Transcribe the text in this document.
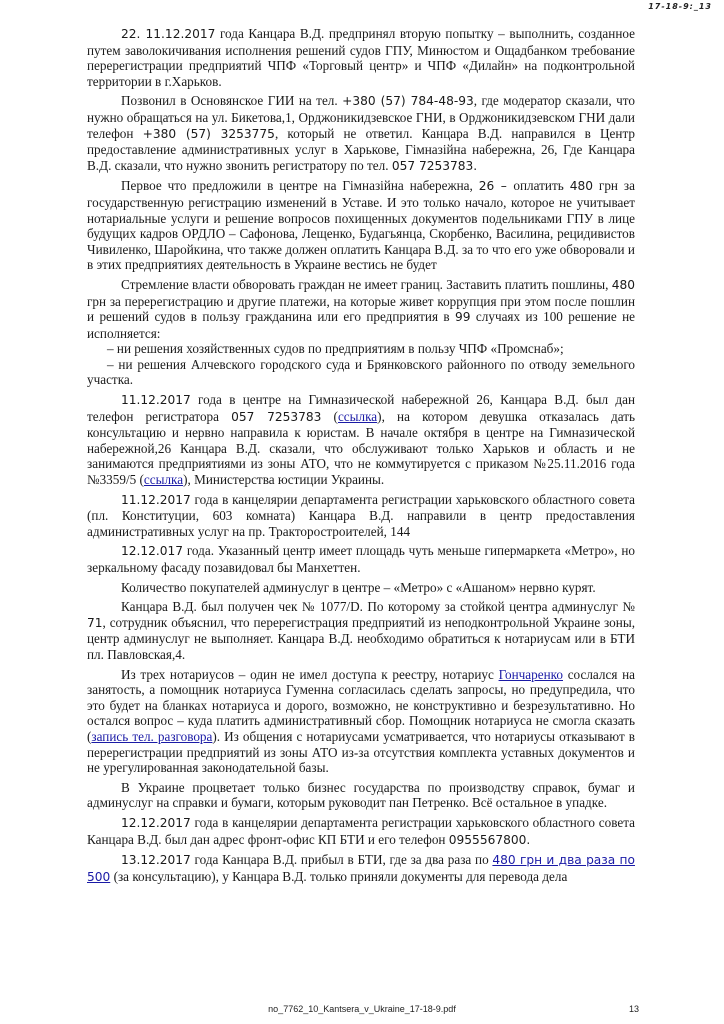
17-18-9:_13

22. 11.12.2017 года Канцара В.Д. предпринял вторую попытку – выполнить, созданное путем заволокичивания исполнения решений судов ГПУ, Минюстом и Ощадбанком требование перерегистрации предприятий ЧПФ «Торговый центр» и ЧПФ «Дилайн» на подконтрольной территории в г.Харьков.

Позвонил в Основянское ГИИ на тел. +380 (57) 784-48-93, где модератор сказали, что нужно обращаться на ул. Бикетова,1, Орджоникидзевское ГНИ, в Орджоникидзевском ГНИ дали телефон +380 (57) 3253775, который не ответил. Канцара В.Д. направился в Центр предоставление административных услуг в Харькове, Гімназійна набережна, 26, Где Канцара В.Д. сказали, что нужно звонить регистратору по тел. 057 7253783.

Первое что предложили в центре на Гімназійна набережна, 26 – оплатить 480 грн за государственную регистрацию изменений в Уставе. И это только начало, которое не учитывает нотариальные услуги и решение вопросов похищенных документов подельниками ГПУ в лице будущих кадров ОРДЛО – Сафонова, Лещенко, Будагьянца, Скорбенко, Василина, рецидивистов Чивиленко, Шаройкина, что также должен оплатить Канцара В.Д. за то что его уже обворовали и в этих предприятиях деятельность в Украине вестись не будет

Стремление власти обворовать граждан не имеет границ. Заставить платить пошлины, 480 грн за перерегистрацию и другие платежи, на которые живет коррупция при этом после пошлин и решений судов в пользу гражданина или его предприятия в 99 случаях из 100 решение не исполняется:

– ни решения хозяйственных судов по предприятиям в пользу ЧПФ «Промснаб»;

– ни решения Алчевского городского суда и Брянковского районного по отводу земельного участка.

11.12.2017 года в центре на Гимназической набережной 26, Канцара В.Д. был дан телефон регистратора 057 7253783 (ссылка), на котором девушка отказалась дать консультацию и нервно направила к юристам. В начале октября в центре на Гимназической набережной,26 Канцара В.Д. сказали, что обслуживают только Харьков и область и не занимаются предприятиями из зоны АТО, что не коммутируется с приказом №25.11.2016 года №3359/5 (ссылка), Министерства юстиции Украины.

11.12.2017 года в канцелярии департамента регистрации харьковского областного совета (пл. Конституции, 603 комната) Канцара В.Д. направили в центр предоставления административных услуг на пр. Тракторостроителей, 144

12.12.017 года. Указанный центр имеет площадь чуть меньше гипермаркета «Метро», но зеркальному фасаду позавидовал бы Манхеттен.

Количество покупателей админуслуг в центре – «Метро» с «Ашаном» нервно курят.

Канцара В.Д. был получен чек № 1077/D. По которому за стойкой центра админуслуг № 71, сотрудник объяснил, что перерегистрация предприятий из неподконтрольной Украине зоны, центр админуслуг не выполняет. Канцара В.Д. необходимо обратиться к нотариусам или в БТИ пл. Павловская,4.

Из трех нотариусов – один не имел доступа к реестру, нотариус Гончаренко сослался на занятость, а помощник нотариуса Гуменна согласилась сделать запросы, но предупредила, что это будет на бланках нотариуса и дорого, возможно, не конструктивно и безрезультативно. Но остался вопрос – куда платить административный сбор. Помощник нотариуса не смогла сказать (запись тел. разговора). Из общения с нотариусами усматривается, что нотариусы отказывают в перерегистрации предприятий из зоны АТО из-за отсутствия комплекта уставных документов и не урегулированная законодательной базы.

В Украине процветает только бизнес государства по производству справок, бумаг и админуслуг на справки и бумаги, которым руководит пан Петренко. Всё остальное в упадке.

12.12.2017 года в канцелярии департамента регистрации харьковского областного совета Канцара В.Д. был дан адрес фронт-офис КП БТИ и его телефон 0955567800.

13.12.2017 года Канцара В.Д. прибыл в БТИ, где за два раза по 480 грн и два раза по 500 (за консультацию), у Канцара В.Д. только приняли документы для перевода дела

no_7762_10_Kantsera_v_Ukraine_17-18-9.pdf	13
